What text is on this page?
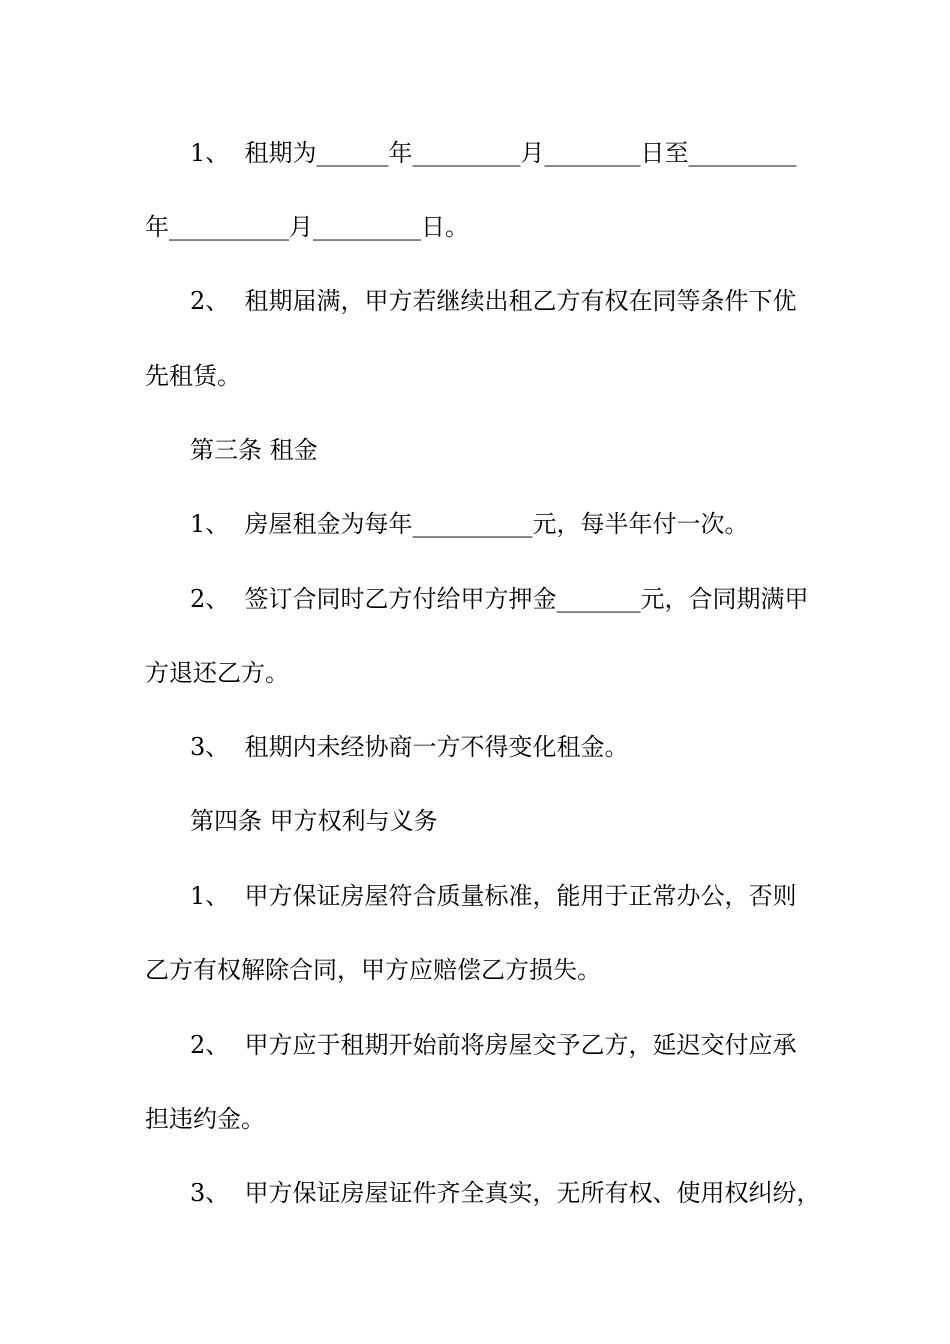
1、  租期为______年_________月________日至_________
年__________月_________日。
2、  租期届满，甲方若继续出租乙方有权在同等条件下优
先租赁。
第三条 租金
1、  房屋租金为每年__________元，每半年付一次。
2、  签订合同时乙方付给甲方押金_______元，合同期满甲
方退还乙方。
3、  租期内未经协商一方不得变化租金。
第四条 甲方权利与义务
1、  甲方保证房屋符合质量标准，能用于正常办公，否则
乙方有权解除合同，甲方应赔偿乙方损失。
2、  甲方应于租期开始前将房屋交予乙方，延迟交付应承
担违约金。
3、  甲方保证房屋证件齐全真实，无所有权、使用权纠纷，
